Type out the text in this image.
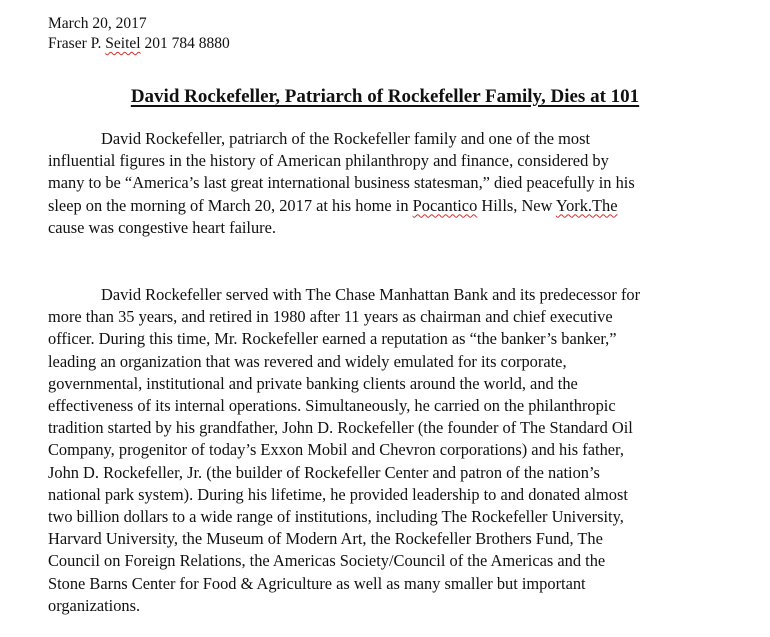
March 20, 2017
Fraser P. Seitel 201 784 8880
David Rockefeller, Patriarch of Rockefeller Family, Dies at 101
David Rockefeller, patriarch of the Rockefeller family and one of the most
influential figures in the history of American philanthropy and finance, considered by
many to be “America’s last great international business statesman,” died peacefully in his
sleep on the morning of March 20, 2017 at his home in Pocantico Hills, New York.The
cause was congestive heart failure.
David Rockefeller served with The Chase Manhattan Bank and its predecessor for
more than 35 years, and retired in 1980 after 11 years as chairman and chief executive
officer. During this time, Mr. Rockefeller earned a reputation as “the banker’s banker,”
leading an organization that was revered and widely emulated for its corporate,
governmental, institutional and private banking clients around the world, and the
effectiveness of its internal operations. Simultaneously, he carried on the philanthropic
tradition started by his grandfather, John D. Rockefeller (the founder of The Standard Oil
Company, progenitor of today’s Exxon Mobil and Chevron corporations) and his father,
John D. Rockefeller, Jr. (the builder of Rockefeller Center and patron of the nation’s
national park system). During his lifetime, he provided leadership to and donated almost
two billion dollars to a wide range of institutions, including The Rockefeller University,
Harvard University, the Museum of Modern Art, the Rockefeller Brothers Fund, The
Council on Foreign Relations, the Americas Society/Council of the Americas and the
Stone Barns Center for Food & Agriculture as well as many smaller but important
organizations.
